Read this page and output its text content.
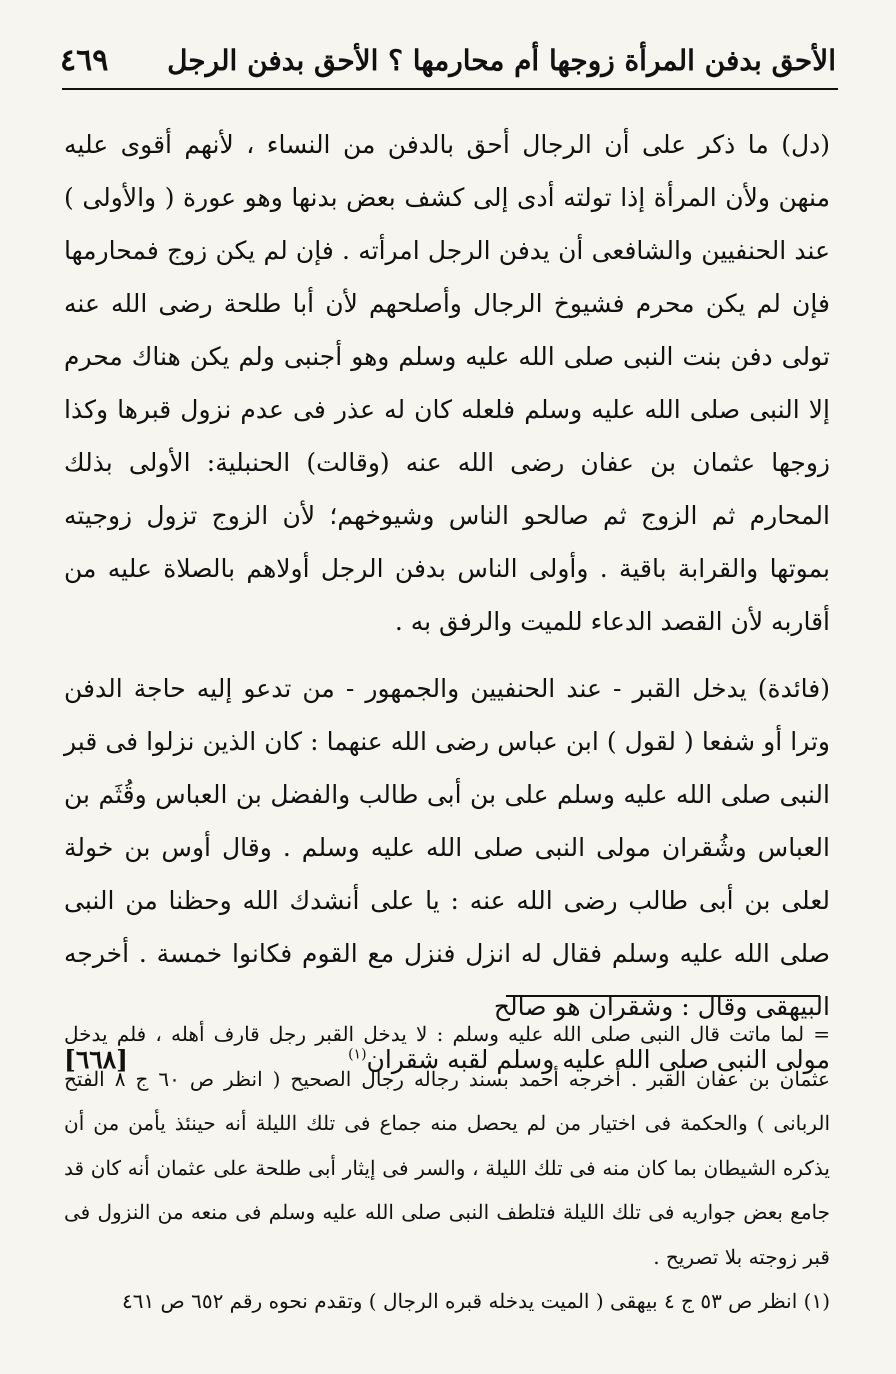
٤٦٩ الأحق بدفن المرأة زوجها أم محارمها ؟ الأحق بدفن الرجل

(دل) ما ذكر على أن الرجال أحق بالدفن من النساء ، لأنهم أقوى عليه منهن ولأن المرأة إذا تولته أدى إلى كشف بعض بدنها وهو عورة ( والأولى ) عند الحنفيين والشافعى أن يدفن الرجل امرأته . فإن لم يكن زوج فمحارمها فإن لم يكن محرم فشيوخ الرجال وأصلحهم لأن أبا طلحة رضى الله عنه تولى دفن بنت النبى صلى الله عليه وسلم وهو أجنبى ولم يكن هناك محرم إلا النبى صلى الله عليه وسلم فلعله كان له عذر فى عدم نزول قبرها وكذا زوجها عثمان بن عفان رضى الله عنه (وقالت) الحنبلية: الأولى بذلك المحارم ثم الزوج ثم صالحو الناس وشيوخهم؛ لأن الزوج تزول زوجيته بموتها والقرابة باقية . وأولى الناس بدفن الرجل أولاهم بالصلاة عليه من أقاربه لأن القصد الدعاء للميت والرفق به .

(فائدة) يدخل القبر - عند الحنفيين والجمهور - من تدعو إليه حاجة الدفن وترا أو شفعا ( لقول ) ابن عباس رضى الله عنهما : كان الذين نزلوا فى قبر النبى صلى الله عليه وسلم على بن أبى طالب والفضل بن العباس وقُثَم بن العباس وشُقران مولى النبى صلى الله عليه وسلم . وقال أوس بن خولة لعلى بن أبى طالب رضى الله عنه : يا على أنشدك الله وحظنا من النبى صلى الله عليه وسلم فقال له انزل فنزل مع القوم فكانوا خمسة . أخرجه البيهقى وقال : وشقران هو صالح

مولى النبى صلى الله عليه وسلم لقبه شقران$^{(١)}$
[٦٦٨]

= لما ماتت قال النبى صلى الله عليه وسلم : لا يدخل القبر رجل قارف أهله ، فلم يدخل عثمان بن عفان القبر . أخرجه أحمد بسند رجاله رجال الصحيح ( انظر ص ٦٠ ج ٨ الفتح الربانى ) والحكمة فى اختيار من لم يحصل منه جماع فى تلك الليلة أنه حينئذ يأمن من أن يذكره الشيطان بما كان منه فى تلك الليلة ، والسر فى إيثار أبى طلحة على عثمان أنه كان قد جامع بعض جواريه فى تلك الليلة فتلطف النبى صلى الله عليه وسلم فى منعه من النزول فى قبر زوجته بلا تصريح .

(١) انظر ص ٥٣ ج ٤ بيهقى ( الميت يدخله قبره الرجال ) وتقدم نحوه رقم ٦٥٢ ص ٤٦١
